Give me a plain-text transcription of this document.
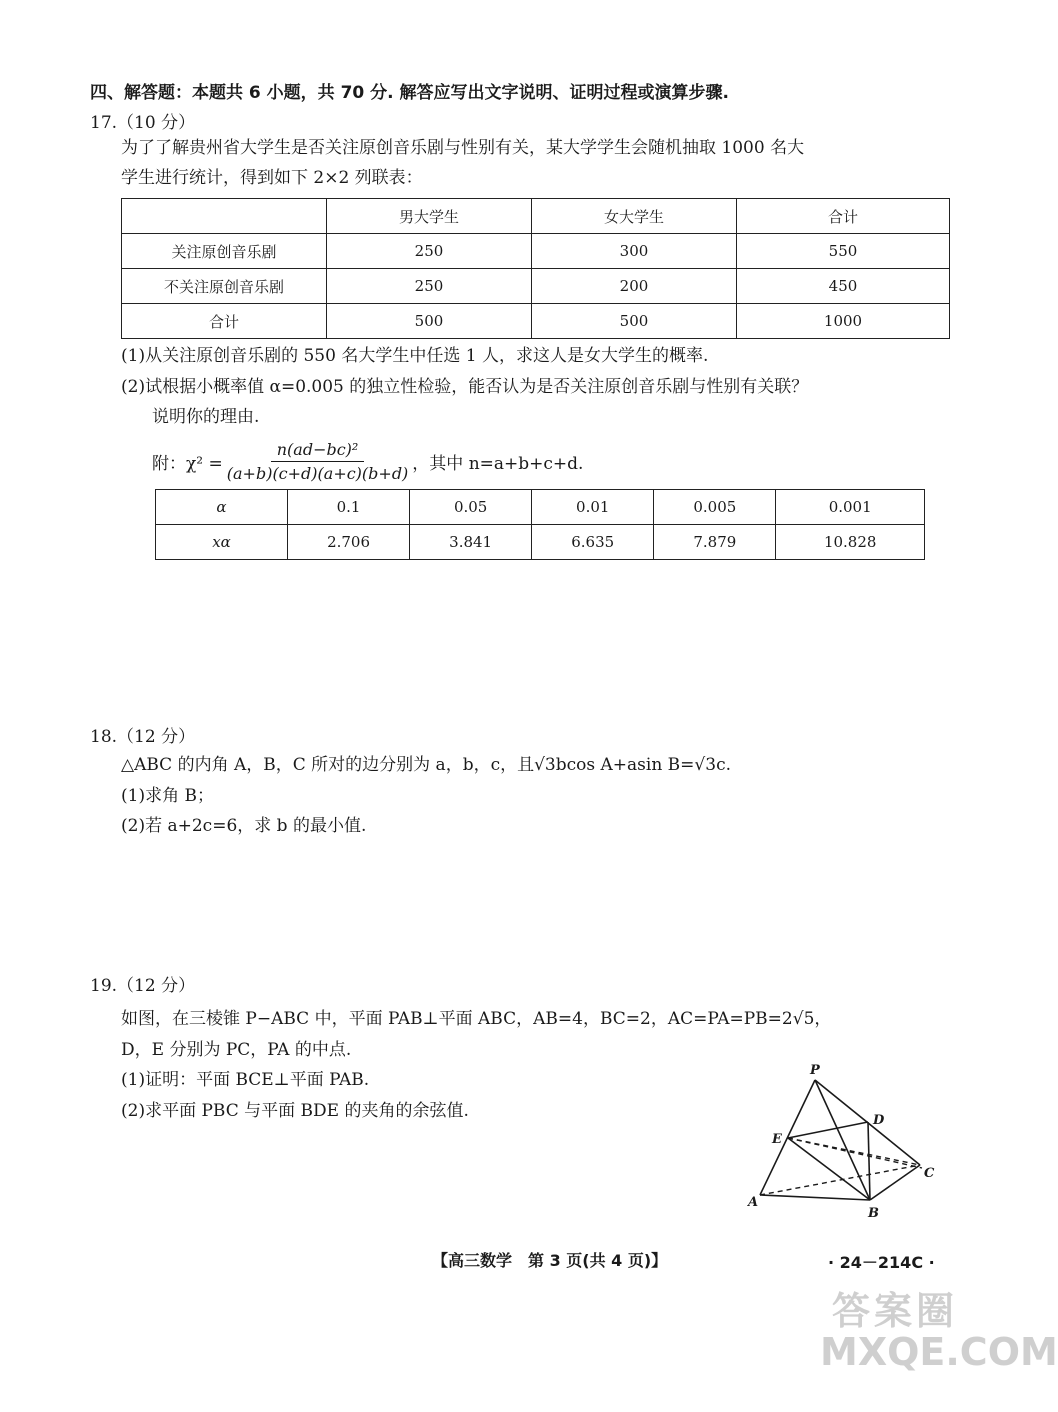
四、解答题：本题共 6 小题，共 70 分. 解答应写出文字说明、证明过程或演算步骤.
17.（10 分）
为了了解贵州省大学生是否关注原创音乐剧与性别有关，某大学学生会随机抽取 1000 名大
学生进行统计，得到如下 2×2 列联表：
	男大学生	女大学生	合计
关注原创音乐剧	250	300	550
不关注原创音乐剧	250	200	450
合计	500	500	1000
(1)从关注原创音乐剧的 550 名大学生中任选 1 人，求这人是女大学生的概率.
(2)试根据小概率值 α=0.005 的独立性检验，能否认为是否关注原创音乐剧与性别有关联？
说明你的理由.
附：$\chi^2 = \frac{\text{n(ad−bc)²}}{(a+b)(c+d)(a+c)(b+d)}$ ，其中 n=a+b+c+d.
α	0.1	0.05	0.01	0.005	0.001
xα	2.706	3.841	6.635	7.879	10.828
18.（12 分）
△ABC 的内角 A，B，C 所对的边分别为 a，b，c，且√3bcos A+asin B=√3c.
(1)求角 B；
(2)若 a+2c=6，求 b 的最小值.
19.（12 分）
如图，在三棱锥 P−ABC 中，平面 PAB⊥平面 ABC，AB=4，BC=2，AC=PA=PB=2√5，
D，E 分别为 PC，PA 的中点.
(1)证明：平面 BCE⊥平面 PAB.
(2)求平面 PBC 与平面 BDE 的夹角的余弦值.
P
D
E
C
A
B
【高三数学　第 3 页(共 4 页)】	· 24－214C ·
答案圈
MXQE.COM
